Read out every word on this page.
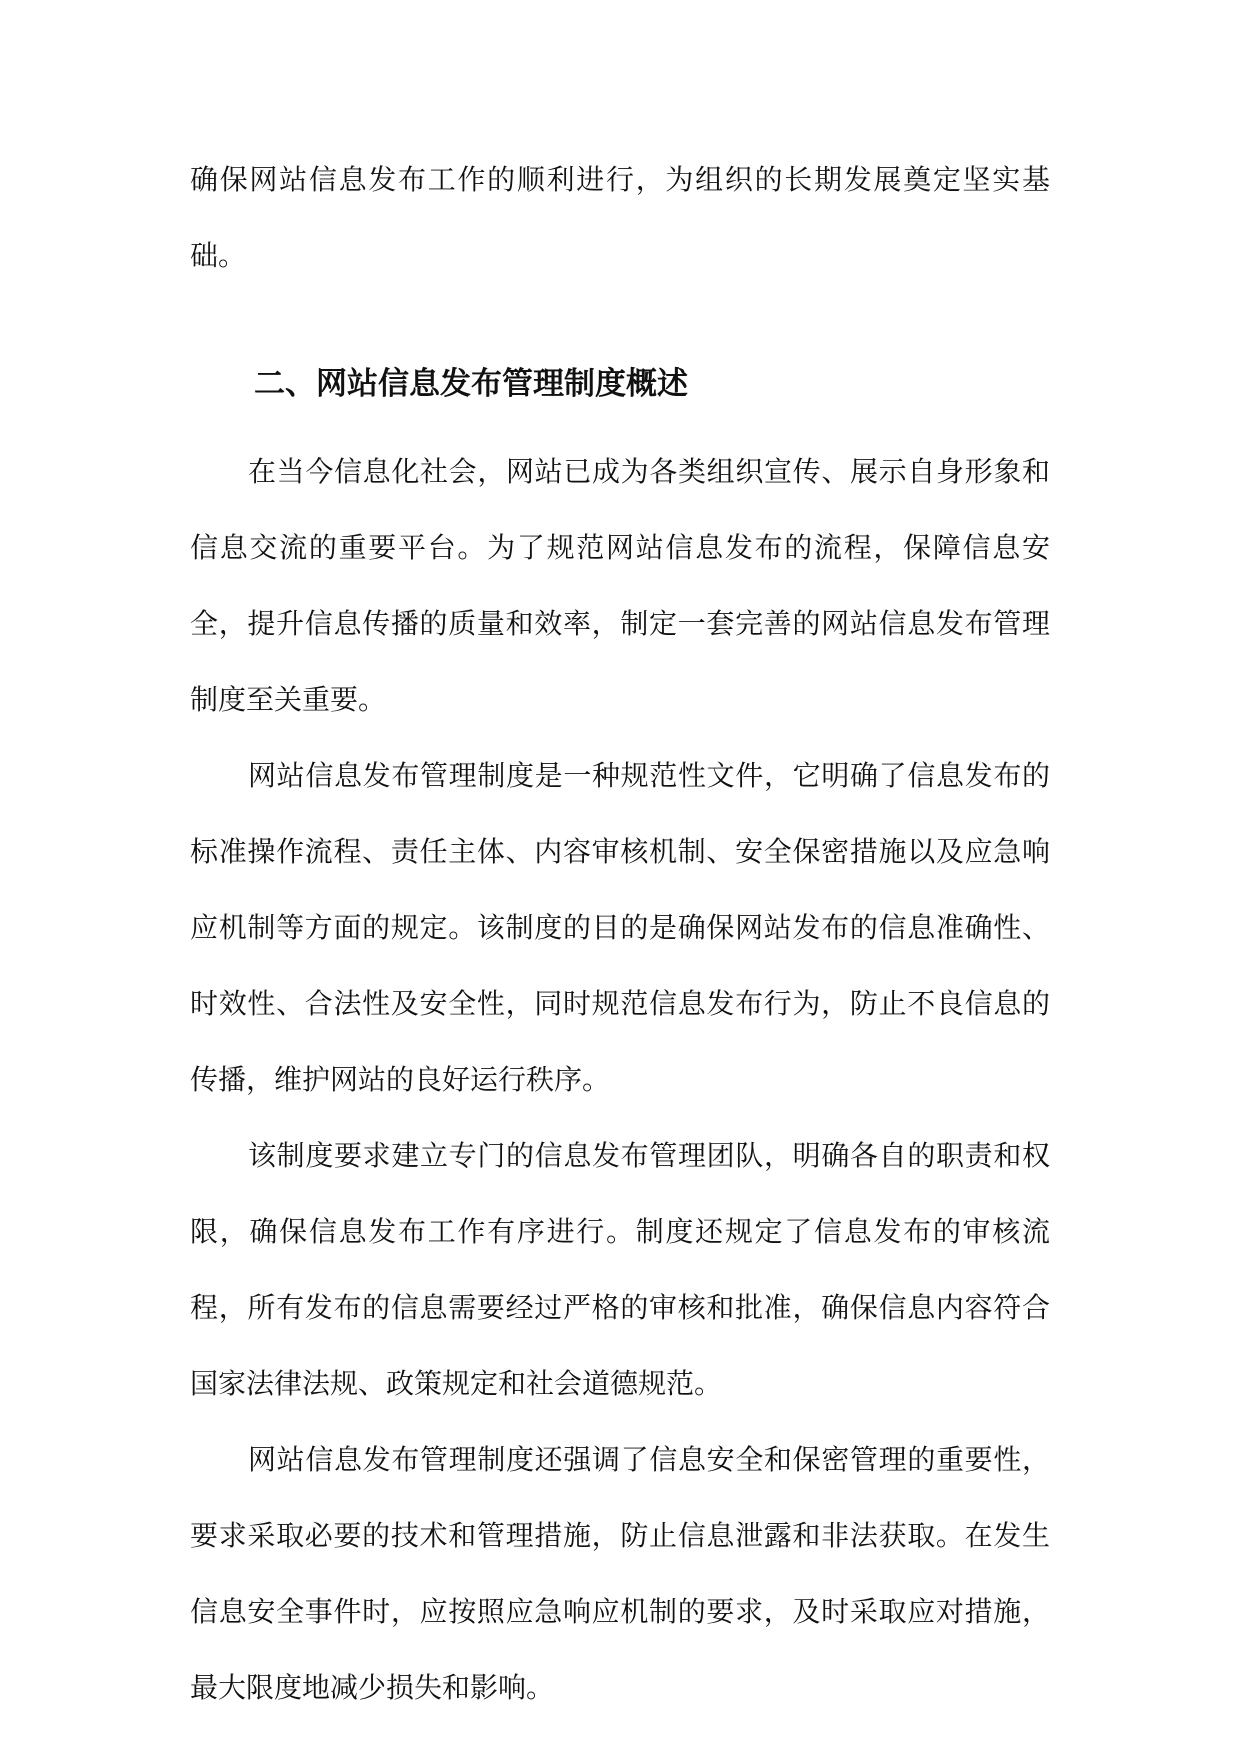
确保网站信息发布工作的顺利进行，为组织的长期发展奠定坚实基础。

二、网站信息发布管理制度概述

在当今信息化社会，网站已成为各类组织宣传、展示自身形象和信息交流的重要平台。为了规范网站信息发布的流程，保障信息安全，提升信息传播的质量和效率，制定一套完善的网站信息发布管理制度至关重要。

网站信息发布管理制度是一种规范性文件，它明确了信息发布的标准操作流程、责任主体、内容审核机制、安全保密措施以及应急响应机制等方面的规定。该制度的目的是确保网站发布的信息准确性、时效性、合法性及安全性，同时规范信息发布行为，防止不良信息的传播，维护网站的良好运行秩序。

该制度要求建立专门的信息发布管理团队，明确各自的职责和权限，确保信息发布工作有序进行。制度还规定了信息发布的审核流程，所有发布的信息需要经过严格的审核和批准，确保信息内容符合国家法律法规、政策规定和社会道德规范。

网站信息发布管理制度还强调了信息安全和保密管理的重要性，要求采取必要的技术和管理措施，防止信息泄露和非法获取。在发生信息安全事件时，应按照应急响应机制的要求，及时采取应对措施，最大限度地减少损失和影响。
